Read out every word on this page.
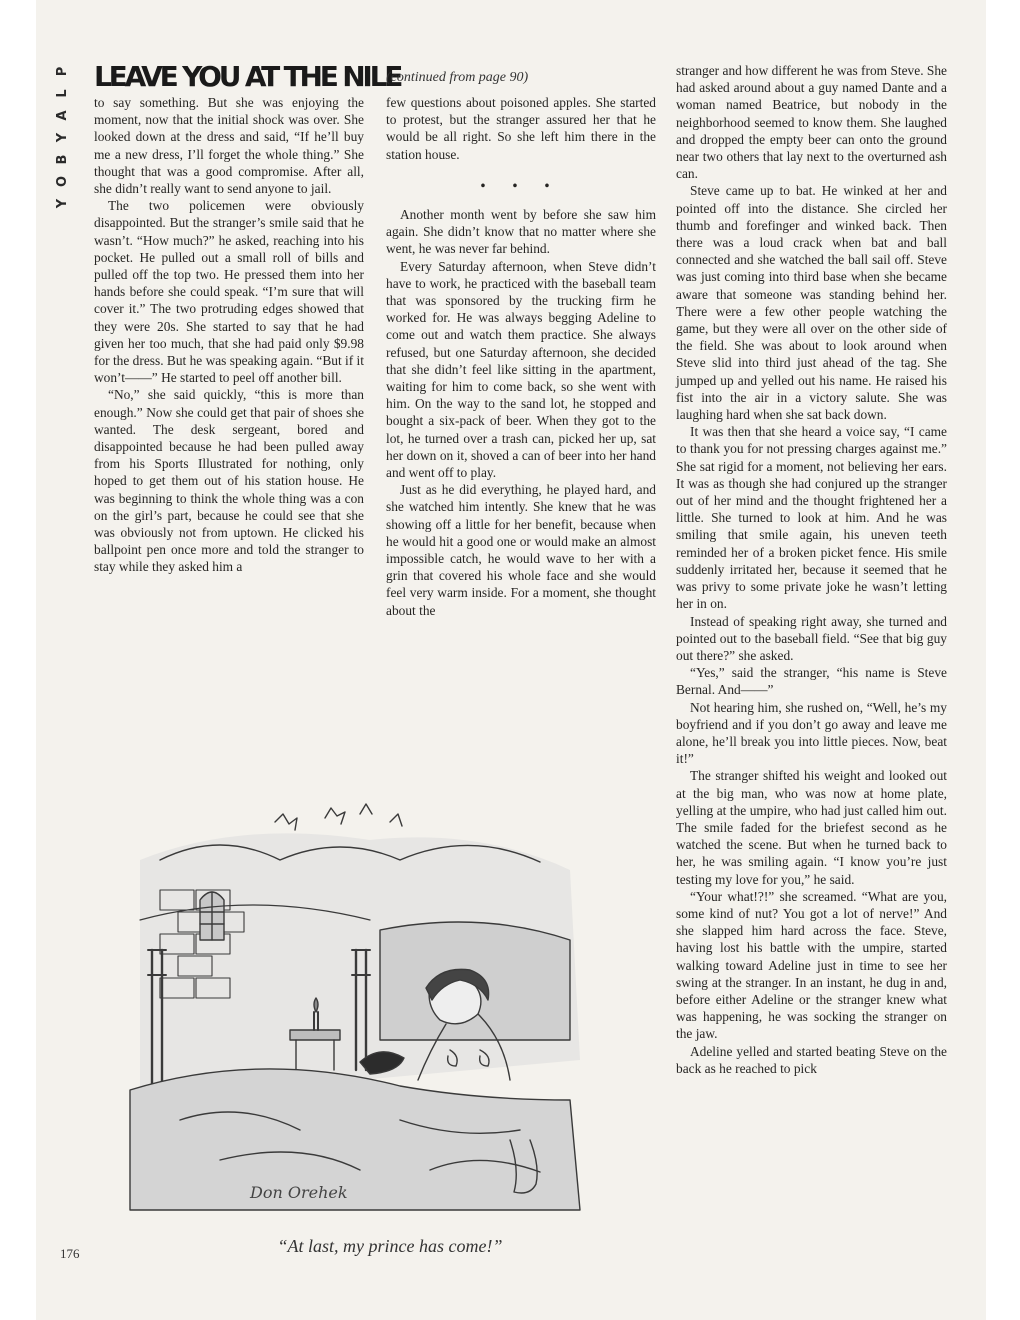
P
L
A
Y
B
O
Y
LEAVE YOU AT THE NILE
(continued from page 90)

to say something. But she was enjoying the moment, now that the initial shock was over. She looked down at the dress and said, “If he’ll buy me a new dress, I’ll forget the whole thing.” She thought that was a good compromise. After all, she didn’t really want to send anyone to jail.

The two policemen were obviously disappointed. But the stranger’s smile said that he wasn’t. “How much?” he asked, reaching into his pocket. He pulled out a small roll of bills and pulled off the top two. He pressed them into her hands before she could speak. “I’m sure that will cover it.” The two protruding edges showed that they were 20s. She started to say that he had given her too much, that she had paid only $9.98 for the dress. But he was speaking again. “But if it won’t——” He started to peel off another bill.

“No,” she said quickly, “this is more than enough.” Now she could get that pair of shoes she wanted. The desk sergeant, bored and disappointed because he had been pulled away from his Sports Illustrated for nothing, only hoped to get them out of his station house. He was beginning to think the whole thing was a con on the girl’s part, because he could see that she was obviously not from uptown. He clicked his ballpoint pen once more and told the stranger to stay while they asked him a

few questions about poisoned apples. She started to protest, but the stranger assured her that he would be all right. So she left him there in the station house.

• • •

Another month went by before she saw him again. She didn’t know that no matter where she went, he was never far behind.

Every Saturday afternoon, when Steve didn’t have to work, he practiced with the baseball team that was sponsored by the trucking firm he worked for. He was always begging Adeline to come out and watch them practice. She always refused, but one Saturday afternoon, she decided that she didn’t feel like sitting in the apartment, waiting for him to come back, so she went with him. On the way to the sand lot, he stopped and bought a six-pack of beer. When they got to the lot, he turned over a trash can, picked her up, sat her down on it, shoved a can of beer into her hand and went off to play.

Just as he did everything, he played hard, and she watched him intently. She knew that he was showing off a little for her benefit, because when he would hit a good one or would make an almost impossible catch, he would wave to her with a grin that covered his whole face and she would feel very warm inside. For a moment, she thought about the

stranger and how different he was from Steve. She had asked around about a guy named Dante and a woman named Beatrice, but nobody in the neighborhood seemed to know them. She laughed and dropped the empty beer can onto the ground near two others that lay next to the overturned ash can.

Steve came up to bat. He winked at her and pointed off into the distance. She circled her thumb and forefinger and winked back. Then there was a loud crack when bat and ball connected and she watched the ball sail off. Steve was just coming into third base when she became aware that someone was standing behind her. There were a few other people watching the game, but they were all over on the other side of the field. She was about to look around when Steve slid into third just ahead of the tag. She jumped up and yelled out his name. He raised his fist into the air in a victory salute. She was laughing hard when she sat back down.

It was then that she heard a voice say, “I came to thank you for not pressing charges against me.” She sat rigid for a moment, not believing her ears. It was as though she had conjured up the stranger out of her mind and the thought frightened her a little. She turned to look at him. And he was smiling that smile again, his uneven teeth reminded her of a broken picket fence. His smile suddenly irritated her, because it seemed that he was privy to some private joke he wasn’t letting her in on.

Instead of speaking right away, she turned and pointed out to the baseball field. “See that big guy out there?” she asked.

“Yes,” said the stranger, “his name is Steve Bernal. And——”

Not hearing him, she rushed on, “Well, he’s my boyfriend and if you don’t go away and leave me alone, he’ll break you into little pieces. Now, beat it!”

The stranger shifted his weight and looked out at the big man, who was now at home plate, yelling at the umpire, who had just called him out. The smile faded for the briefest second as he watched the scene. But when he turned back to her, he was smiling again. “I know you’re just testing my love for you,” he said.

“Your what!?!” she screamed. “What are you, some kind of nut? You got a lot of nerve!” And she slapped him hard across the face. Steve, having lost his battle with the umpire, started walking toward Adeline just in time to see her swing at the stranger. In an instant, he dug in and, before either Adeline or the stranger knew what was happening, he was socking the stranger on the jaw.

Adeline yelled and started beating Steve on the back as he reached to pick

Don Orehek
176	“At last, my prince has come!”
